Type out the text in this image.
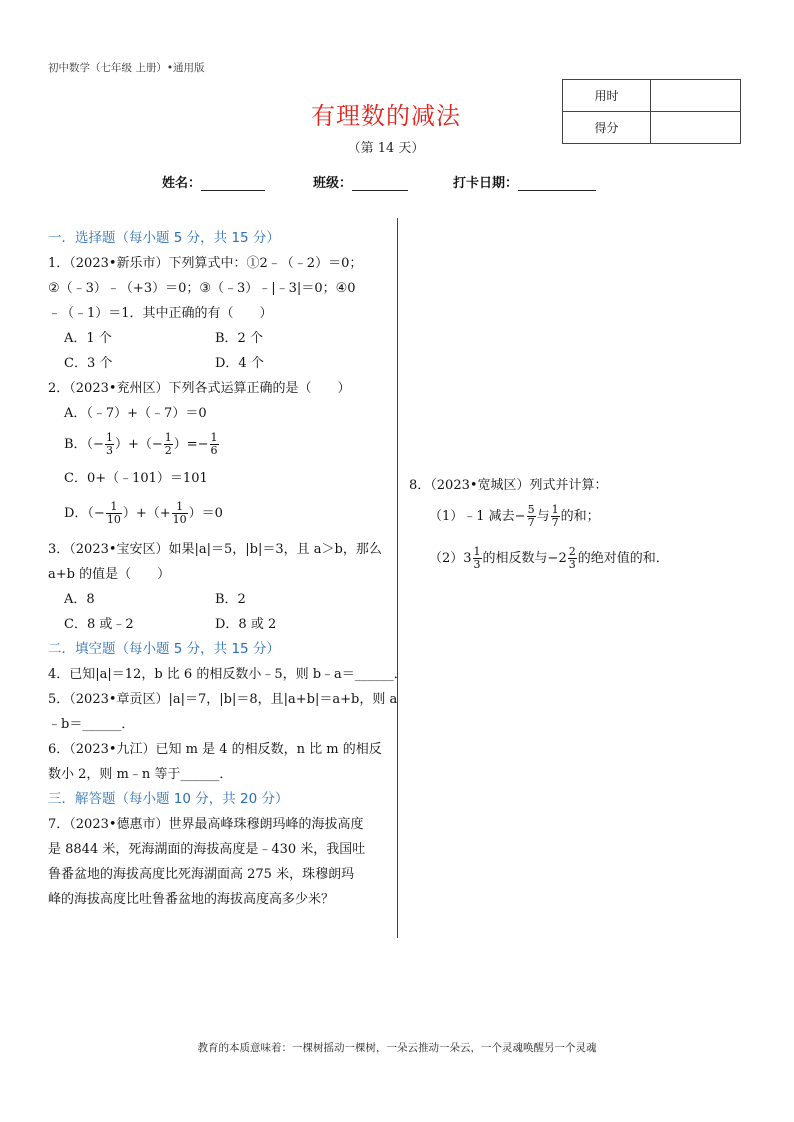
初中数学（七年级 上册）•通用版
有理数的减法
（第 14 天）
用时	
得分	
姓名：	班级：	打卡日期：
一．选择题（每小题 5 分，共 15 分）
1．（2023•新乐市）下列算式中：①2﹣（﹣2）＝0；
②（﹣3）﹣（+3）＝0；③（﹣3）﹣|﹣3|＝0；④0
﹣（﹣1）＝1．其中正确的有（　　）
A．1 个	B．2 个
C．3 个	D．4 个
2．（2023•兖州区）下列各式运算正确的是（　　）
A．（﹣7）+（﹣7）＝0
B．（− $\frac{1}{3}$ ）+（− $\frac{1}{2}$ ）=− $\frac{1}{6}$
C．0+（﹣101）＝101
D．（− $\frac{1}{10}$ ）+（+ $\frac{1}{10} )=0$
3．（2023•宝安区）如果|a|＝5，|b|＝3，且 a＞b，那么
a+b 的值是（　　）
A．8	B．2
C．8 或﹣2	D．8 或 2
二．填空题（每小题 5 分，共 15 分）
4．已知|a|＝12，b 比 6 的相反数小﹣5，则 b﹣a＝______．
5．（2023•章贡区）|a|＝7，|b|＝8，且|a+b|＝a+b，则 a
﹣b＝______．
6．（2023•九江）已知 m 是 4 的相反数，n 比 m 的相反
数小 2，则 m﹣n 等于______．
三．解答题（每小题 10 分，共 20 分）
7．（2023•德惠市）世界最高峰珠穆朗玛峰的海拔高度
是 8844 米，死海湖面的海拔高度是﹣430 米，我国吐
鲁番盆地的海拔高度比死海湖面高 275 米，珠穆朗玛
峰的海拔高度比吐鲁番盆地的海拔高度高多少米？
8．（2023•宽城区）列式并计算：
（1）﹣1 减去− $\frac{5}{7}$ 与 $\frac{1}{7}$ 的和；
$(2)3 \frac{1}{3}$ 的相反数与$-2 \frac{2}{3}$ 的绝对值的和．
教育的本质意味着：一棵树摇动一棵树，一朵云推动一朵云，一个灵魂唤醒另一个灵魂
